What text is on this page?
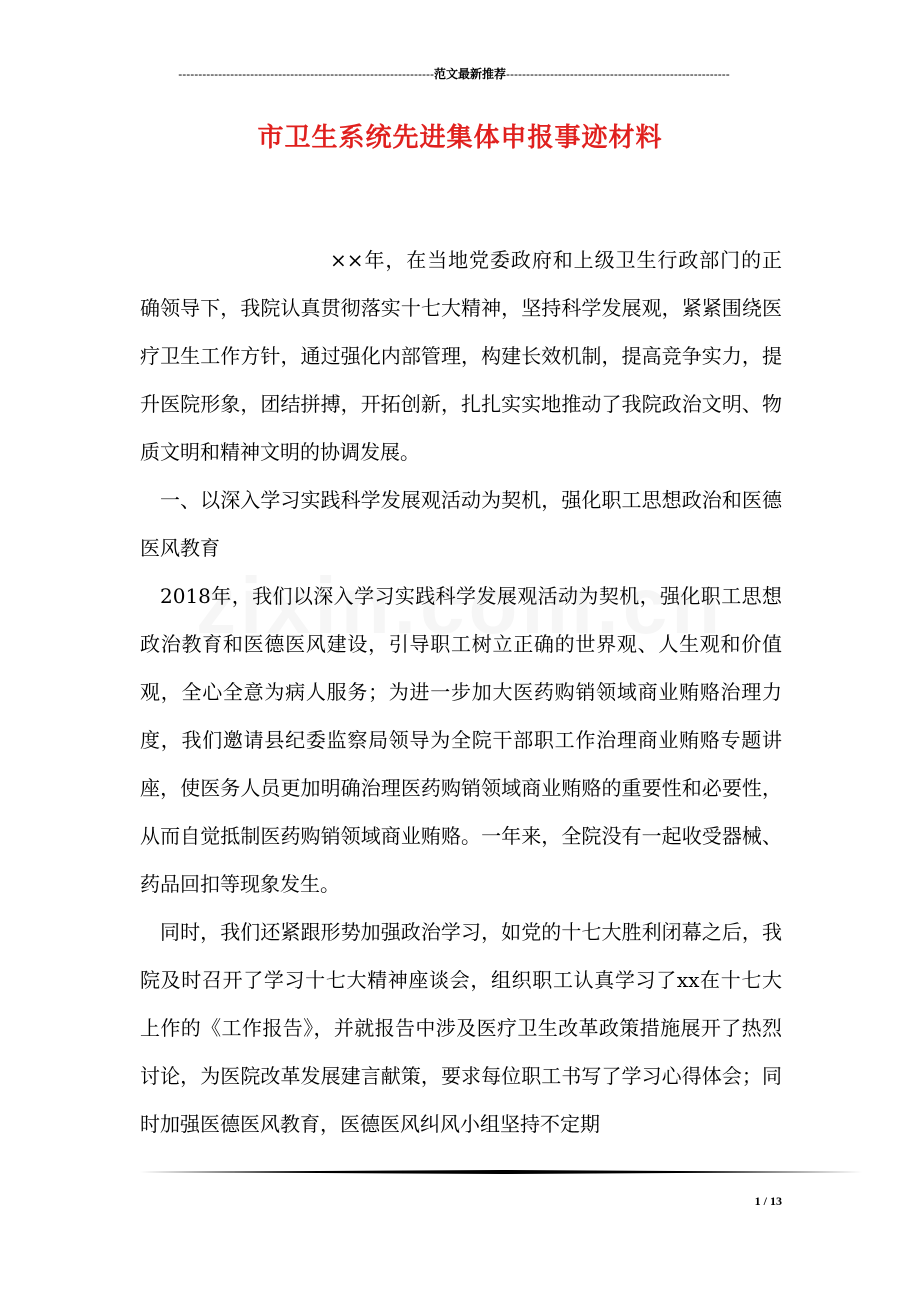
----------------------------------------------------------------范文最新推荐--------------------------------------------------------
市卫生系统先进集体申报事迹材料

××年，在当地党委政府和上级卫生行政部门的正确领导下，我院认真贯彻落实十七大精神，坚持科学发展观，紧紧围绕医疗卫生工作方针，通过强化内部管理，构建长效机制，提高竞争实力，提升医院形象，团结拼搏，开拓创新，扎扎实实地推动了我院政治文明、物质文明和精神文明的协调发展。

一、以深入学习实践科学发展观活动为契机，强化职工思想政治和医德医风教育

2018年，我们以深入学习实践科学发展观活动为契机，强化职工思想政治教育和医德医风建设，引导职工树立正确的世界观、人生观和价值观，全心全意为病人服务；为进一步加大医药购销领域商业贿赂治理力度，我们邀请县纪委监察局领导为全院干部职工作治理商业贿赂专题讲座，使医务人员更加明确治理医药购销领域商业贿赂的重要性和必要性，从而自觉抵制医药购销领域商业贿赂。一年来，全院没有一起收受器械、药品回扣等现象发生。

同时，我们还紧跟形势加强政治学习，如党的十七大胜利闭幕之后，我院及时召开了学习十七大精神座谈会，组织职工认真学习了xx在十七大上作的《工作报告》，并就报告中涉及医疗卫生改革政策措施展开了热烈讨论，为医院改革发展建言献策，要求每位职工书写了学习心得体会；同时加强医德医风教育，医德医风纠风小组坚持不定期

1 / 13
